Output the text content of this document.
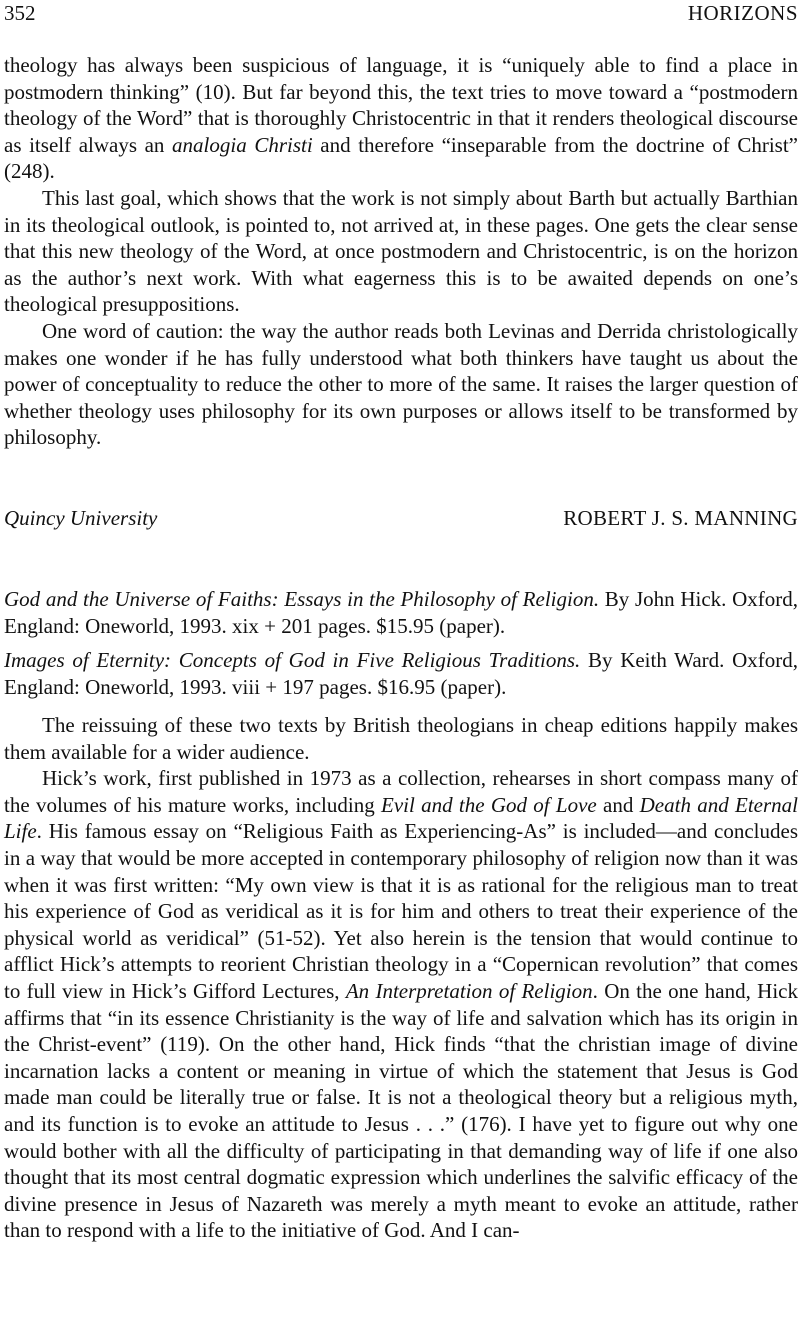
352	HORIZONS

theology has always been suspicious of language, it is “uniquely able to find a place in postmodern thinking” (10). But far beyond this, the text tries to move toward a “postmodern theology of the Word” that is thoroughly Christocentric in that it renders theological discourse as itself always an analogia Christi and therefore “inseparable from the doctrine of Christ” (248).

This last goal, which shows that the work is not simply about Barth but actually Barthian in its theological outlook, is pointed to, not arrived at, in these pages. One gets the clear sense that this new theology of the Word, at once postmodern and Christocentric, is on the horizon as the author’s next work. With what eagerness this is to be awaited depends on one’s theological presuppositions.

One word of caution: the way the author reads both Levinas and Derrida christologically makes one wonder if he has fully understood what both thinkers have taught us about the power of conceptuality to reduce the other to more of the same. It raises the larger question of whether theology uses philosophy for its own purposes or allows itself to be transformed by philosophy.

Quincy University	ROBERT J. S. MANNING
God and the Universe of Faiths: Essays in the Philosophy of Religion. By John Hick. Oxford, England: Oneworld, 1993. xix + 201 pages. $15.95 (paper).
Images of Eternity: Concepts of God in Five Religious Traditions. By Keith Ward. Oxford, England: Oneworld, 1993. viii + 197 pages. $16.95 (paper).

The reissuing of these two texts by British theologians in cheap editions happily makes them available for a wider audience.

Hick’s work, first published in 1973 as a collection, rehearses in short compass many of the volumes of his mature works, including Evil and the God of Love and Death and Eternal Life. His famous essay on “Religious Faith as Experiencing-As” is included—and concludes in a way that would be more accepted in contemporary philosophy of religion now than it was when it was first written: “My own view is that it is as rational for the religious man to treat his experience of God as veridical as it is for him and others to treat their experience of the physical world as veridical” (51-52). Yet also herein is the tension that would continue to afflict Hick’s attempts to reorient Christian theology in a “Copernican revolution” that comes to full view in Hick’s Gifford Lectures, An Interpretation of Religion. On the one hand, Hick affirms that “in its essence Christianity is the way of life and salvation which has its origin in the Christ-event” (119). On the other hand, Hick finds “that the christian image of divine incarnation lacks a content or meaning in virtue of which the statement that Jesus is God made man could be literally true or false. It is not a theological theory but a religious myth, and its function is to evoke an attitude to Jesus . . .” (176). I have yet to figure out why one would bother with all the difficulty of participating in that demanding way of life if one also thought that its most central dogmatic expression which underlines the salvific efficacy of the divine presence in Jesus of Nazareth was merely a myth meant to evoke an attitude, rather than to respond with a life to the initiative of God. And I can-
